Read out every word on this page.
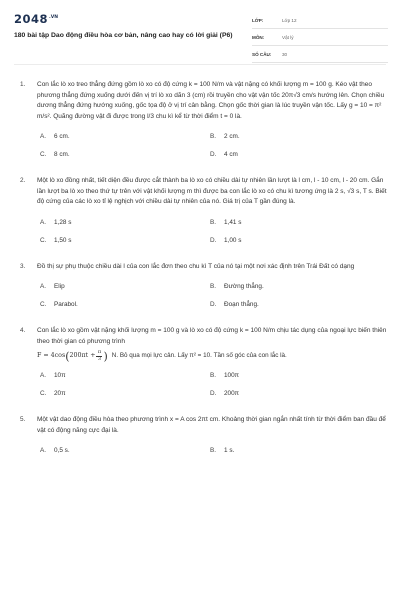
$2048^{.VN}$
180 bài tập Dao động điều hòa cơ bản, nâng cao hay có lời giải (P6)
LỚP:	Lớp 12
MÔN:	Vật lý
SỐ CÂU:	30
1. Con lắc lò xo treo thẳng đứng gồm lò xo có độ cứng k = 100 N/m và vật nặng có khối lượng m = 100 g. Kéo vật theo phương thẳng đứng xuống dưới đến vị trí lò xo dãn 3 (cm) rồi truyền cho vật vận tốc 20π√3 cm/s hướng lên. Chọn chiều dương thẳng đứng hướng xuống, gốc tọa độ ở vị trí cân bằng. Chọn gốc thời gian là lúc truyền vận tốc. Lấy g = 10 = π² m/s². Quãng đường vật đi được trong l/3 chu kì kể từ thời điểm t = 0 là.
A. 6 cm.	B. 2 cm.
C. 8 cm.	D. 4 cm
2. Một lò xo đồng nhất, tiết diện đều được cắt thành ba lò xo có chiều dài tự nhiên lần lượt là l cm, l - 10 cm, l - 20 cm. Gắn lần lượt ba lò xo theo thứ tự trên với vật khối lượng m thì được ba con lắc lò xo có chu kì tương ứng là 2 s, √3 s, T s. Biết độ cứng của các lò xo tỉ lệ nghịch với chiều dài tự nhiên của nó. Giá trị của T gần đúng là.
A. 1,28 s	B. 1,41 s
C. 1,50 s	D. 1,00 s
3. Đồ thị sự phụ thuộc chiều dài l của con lắc đơn theo chu kì T của nó tại một nơi xác định trên Trái Đất có dạng
A. Elip	B. Đường thẳng.
C. Parabol.	D. Đoạn thẳng.
4. Con lắc lò xo gồm vật nặng khối lượng m = 100 g và lò xo có độ cứng k = 100 N/m chịu tác dụng của ngoại lực biến thiên theo thời gian có phương trình
F = 4cos ( $200\pi t + \frac{\pi}{3}$ ) N. Bỏ qua mọi lực cản. Lấy π² = 10. Tần số góc của con lắc là.
A. 10π	B. 100π
C. 20π	D. 200π
5. Một vật dao động điều hòa theo phương trình x = A cos 2πt cm. Khoảng thời gian ngắn nhất tính từ thời điểm ban đầu để vật có động năng cực đại là.
A. 0,5 s.	B. 1 s.
